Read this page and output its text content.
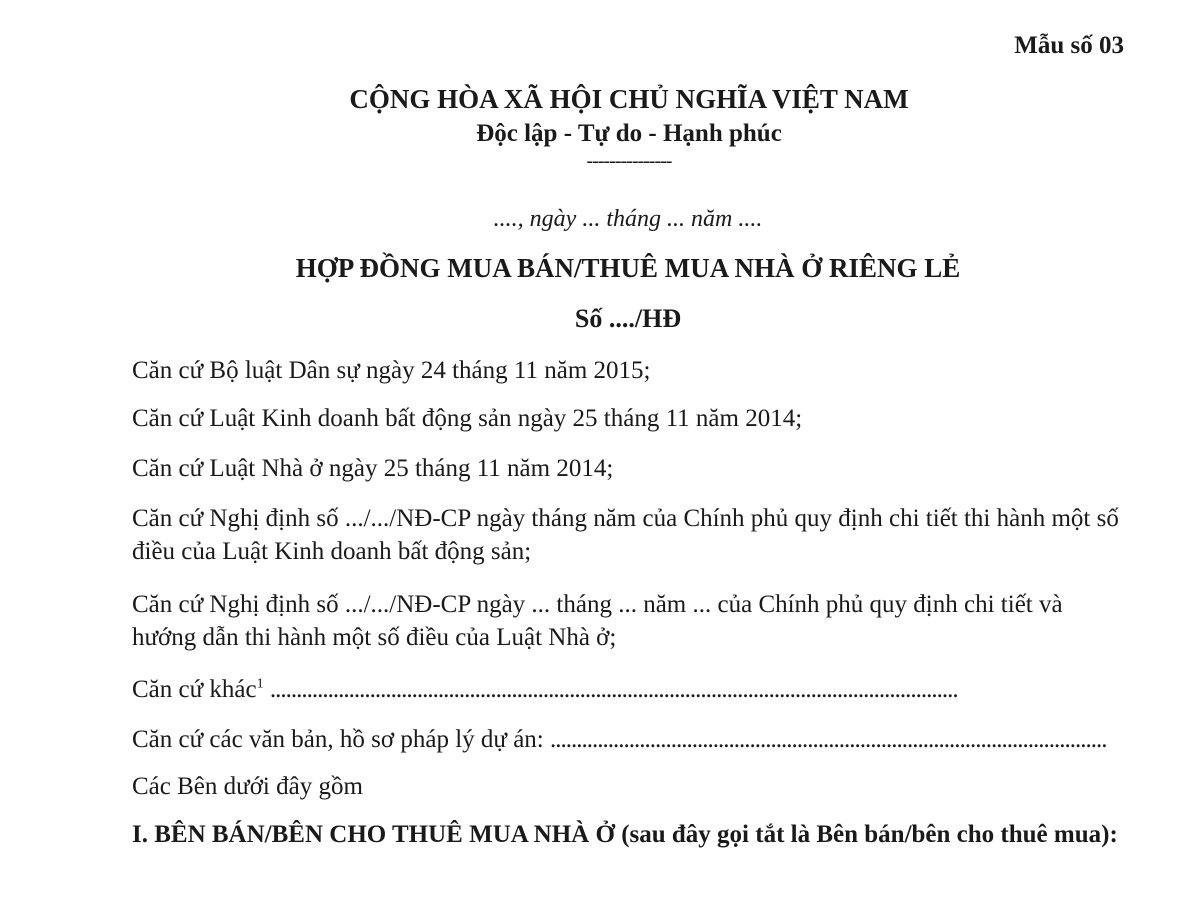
Mẫu số 03
CỘNG HÒA XÃ HỘI CHỦ NGHĨA VIỆT NAM
Độc lập - Tự do - Hạnh phúc
---------------
...., ngày ... tháng ... năm ....
HỢP ĐỒNG MUA BÁN/THUÊ MUA NHÀ Ở RIÊNG LẺ
Số ..../HĐ
Căn cứ Bộ luật Dân sự ngày 24 tháng 11 năm 2015;
Căn cứ Luật Kinh doanh bất động sản ngày 25 tháng 11 năm 2014;
Căn cứ Luật Nhà ở ngày 25 tháng 11 năm 2014;
Căn cứ Nghị định số .../.../NĐ-CP ngày tháng năm của Chính phủ quy định chi tiết thi hành một số điều của Luật Kinh doanh bất động sản;
Căn cứ Nghị định số .../.../NĐ-CP ngày ... tháng ... năm ... của Chính phủ quy định chi tiết và hướng dẫn thi hành một số điều của Luật Nhà ở;
Căn cứ khác$^1$ ...................................................................................................................................
Căn cứ các văn bản, hồ sơ pháp lý dự án: ..........................................................................................................
Các Bên dưới đây gồm
I. BÊN BÁN/BÊN CHO THUÊ MUA NHÀ Ở (sau đây gọi tắt là Bên bán/bên cho thuê mua):
